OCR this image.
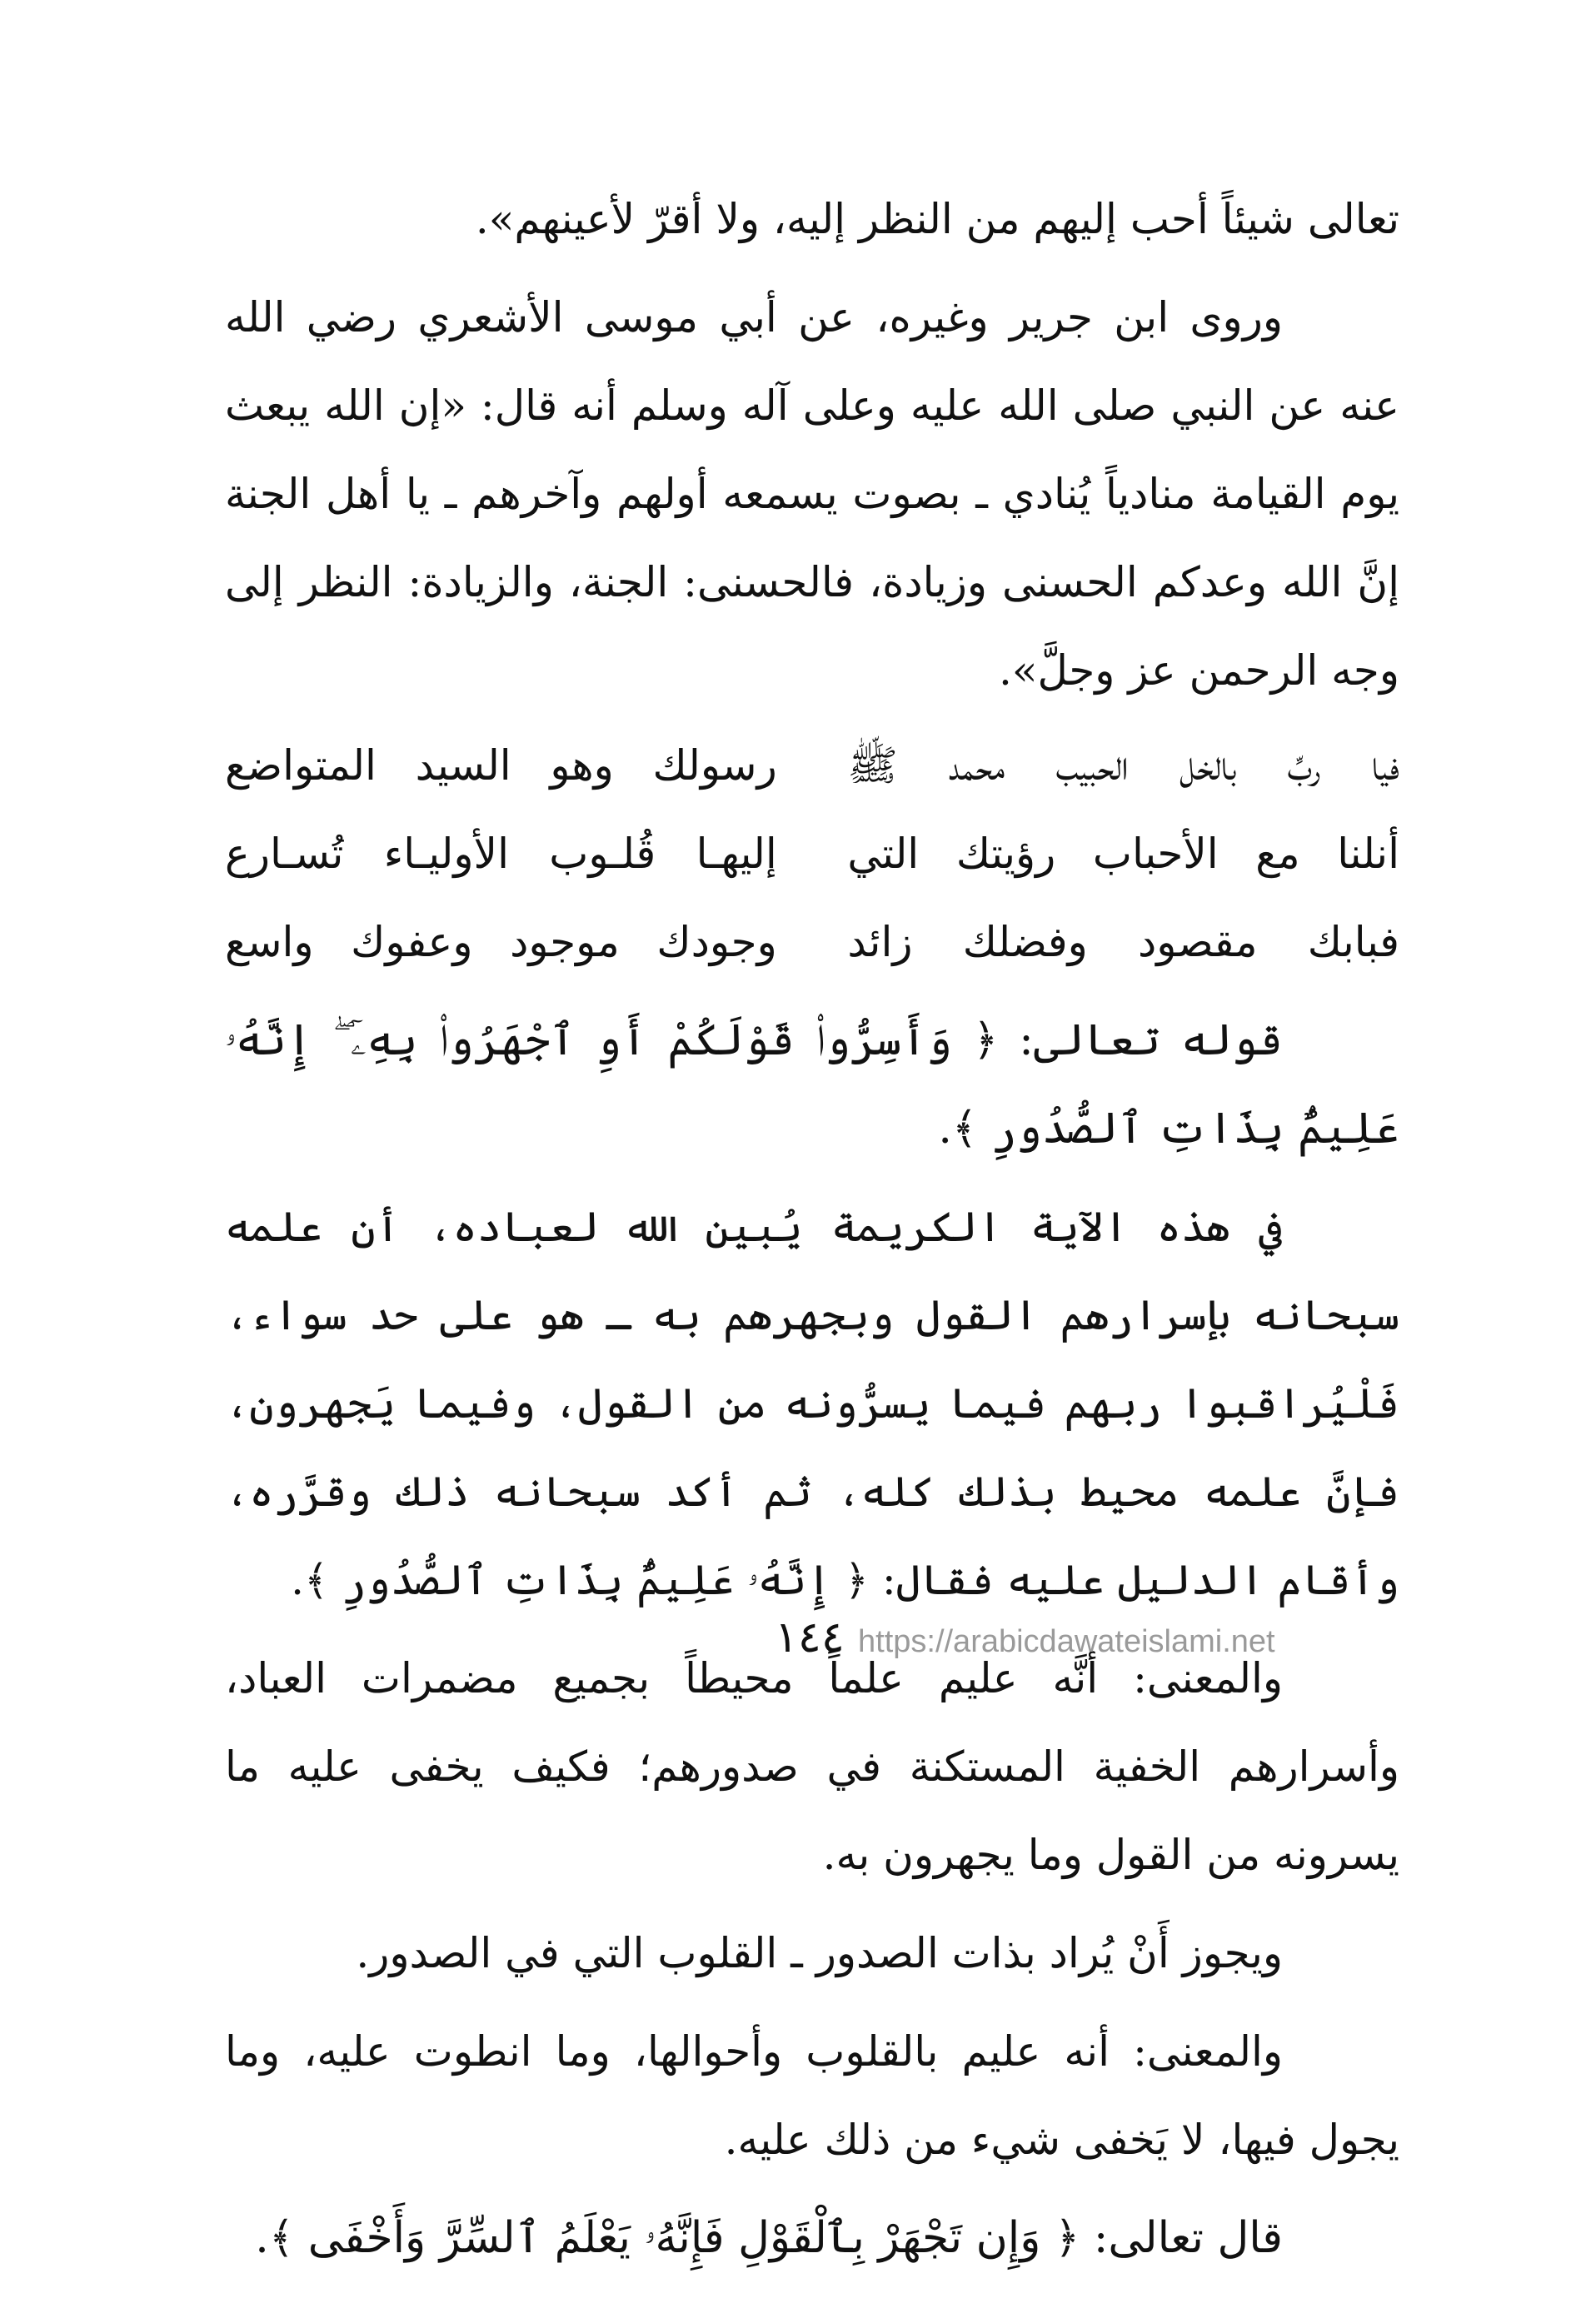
تعالى شيئاً أحب إليهم من النظر إليه، ولا أقرّ لأعينهم».

وروى ابن جرير وغيره، عن أبي موسى الأشعري رضي الله عنه عن النبي صلى الله عليه وعلى آله وسلم أنه قال: «إن الله يبعث يوم القيامة منادياً يُنادي ـ بصوت يسمعه أولهم وآخرهم ـ يا أهل الجنة إنَّ الله وعدكم الحسنى وزيادة، فالحسنى: الجنة، والزيادة: النظر إلى وجه الرحمن عز وجلَّ».

فيا ربِّ بالخل الحبيب محمد ﷺ		رسولك وهو السيد المتواضع
أنلنا مع الأحباب رؤيتك التي		إليهـا قُلـوب الأوليـاء تُسـارع
فبابك مقصود وفضلك زائد		وجودك موجود وعفوك واسع

قوله تعالى: ﴿ وَأَسِرُّوا۟ قَوْلَكُمْ أَوِ ٱجْهَرُوا۟ بِهِۦٓ ۖ إِنَّهُۥ عَلِيمٌۢ بِذَاتِ ٱلصُّدُورِ ﴾.

في هذه الآية الكريمة يُبين الله لعباده، أن علمه سبحانه بإسرارهم القول وبجهرهم به ـ هو على حد سواء، فَلْيُراقبوا ربهم فيما يسرُّونه من القول، وفيما يَجهرون، فإنَّ علمه محيط بذلك كله، ثم أكد سبحانه ذلك وقرَّره، وأقام الدليل عليه فقال: ﴿ إِنَّهُۥ عَلِيمٌۢ بِذَاتِ ٱلصُّدُورِ ﴾.

والمعنى: أنَّه عليم علماً محيطاً بجميع مضمرات العباد، وأسرارهم الخفية المستكنة في صدورهم؛ فكيف يخفى عليه ما يسرونه من القول وما يجهرون به.

ويجوز أَنْ يُراد بذات الصدور ـ القلوب التي في الصدور.

والمعنى: أنه عليم بالقلوب وأحوالها، وما انطوت عليه، وما يجول فيها، لا يَخفى شيء من ذلك عليه.

قال تعالى: ﴿ وَإِن تَجْهَرْ بِٱلْقَوْلِ فَإِنَّهُۥ يَعْلَمُ ٱلسِّرَّ وَأَخْفَى ﴾.

١٤٤ https://arabicdawateislami.net
